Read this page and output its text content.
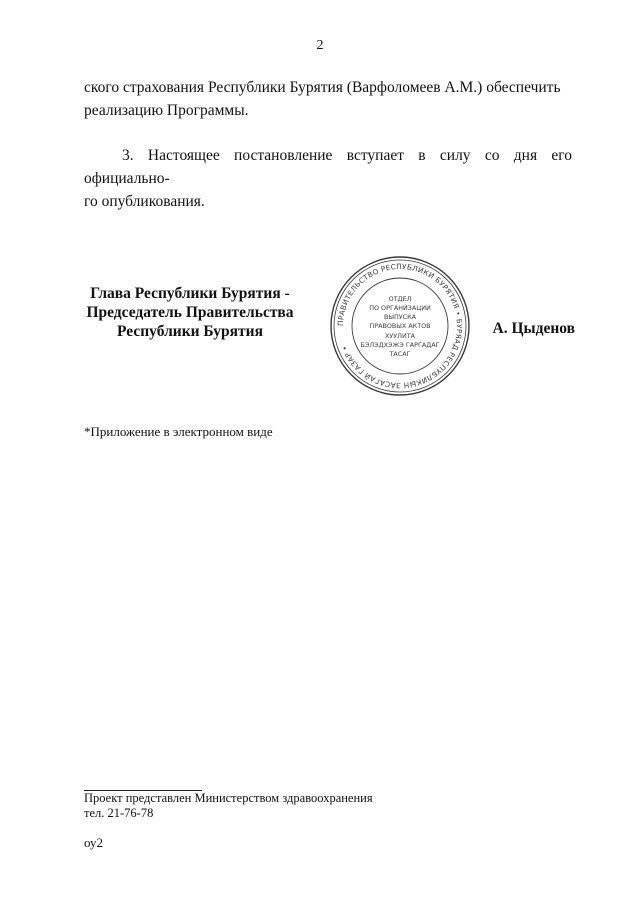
2
ского страхования Республики Бурятия (Варфоломеев А.М.) обеспечить
реализацию Программы.
3. Настоящее постановление вступает в силу со дня его официально-
го опубликования.
Глава Республики Бурятия -
Председатель Правительства
Республики Бурятия	ПРАВИТЕЛЬСТВО РЕСПУБЛИКИ БУРЯТИЯ • БУРЯАД РЕСПУБЛИКЫН ЗАСАГАЙ ГАЗАР •
ОТДЕЛ
ПО ОРГАНИЗАЦИИ
ВЫПУСКА
ПРАВОВЫХ АКТОВ
ХУУЛИТА
БЭЛЭДХЭЖЭ ГАРГАДАГ
ТАСАГ
А. Цыденов
*Приложение в электронном виде
Проект представлен Министерством здравоохранения
тел. 21-76-78
оу2
